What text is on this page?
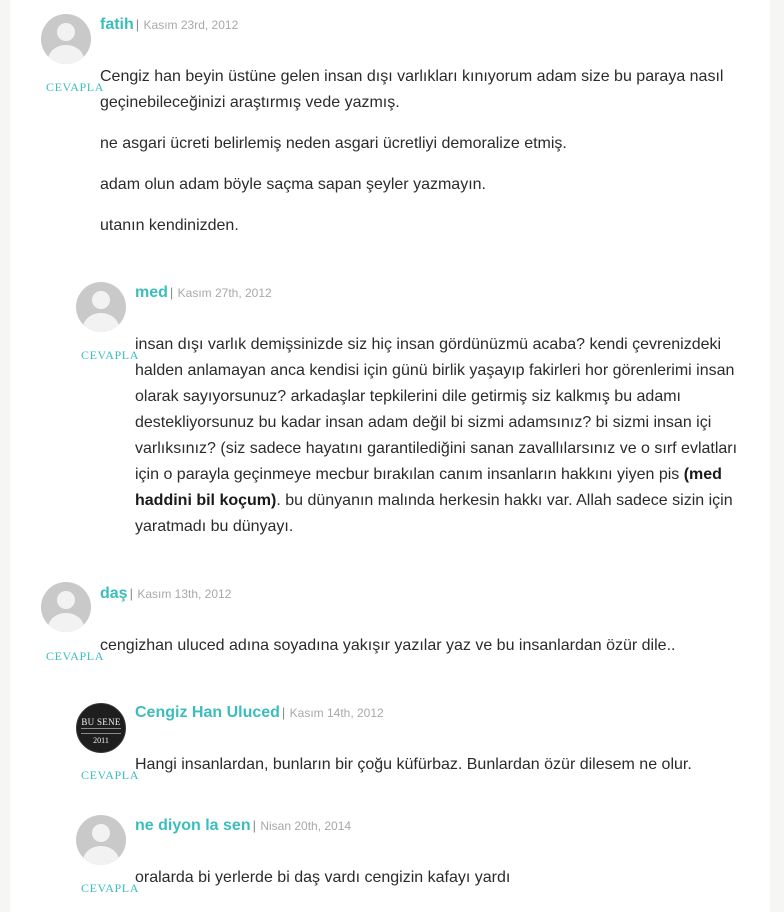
fatih | Kasım 23rd, 2012
CEVAPLA

Cengiz han beyin üstüne gelen insan dışı varlıkları kınıyorum adam size bu paraya nasıl geçinebileceğinizi araştırmış vede yazmış.

ne asgari ücreti belirlemiş neden asgari ücretliyi demoralize etmiş.

adam olun adam böyle saçma sapan şeyler yazmayın.

utanın kendinizden.

med | Kasım 27th, 2012
CEVAPLA

insan dışı varlık demişsinizde siz hiç insan gördünüzmü acaba? kendi çevrenizdeki halden anlamayan anca kendisi için günü birlik yaşayıp fakirleri hor görenlerimi insan olarak sayıyorsunuz? arkadaşlar tepkilerini dile getirmiş siz kalkmış bu adamı destekliyorsunuz bu kadar insan adam değil bi sizmi adamsınız? bi sizmi insan içi varlıksınız? (siz sadece hayatını garantilediğini sanan zavallılarsınız ve o sırf evlatları için o parayla geçinmeye mecbur bırakılan canım insanların hakkını yiyen pis (med haddini bil koçum). bu dünyanın malında herkesin hakkı var. Allah sadece sizin için yaratmadı bu dünyayı.

daş | Kasım 13th, 2012
CEVAPLA

cengizhan uluced adına soyadına yakışır yazılar yaz ve bu insanlardan özür dile..

BU SENE
2011
Cengiz Han Uluced | Kasım 14th, 2012
CEVAPLA

Hangi insanlardan, bunların bir çoğu küfürbaz. Bunlardan özür dilesem ne olur.

ne diyon la sen | Nisan 20th, 2014
CEVAPLA

oralarda bi yerlerde bi daş vardı cengizin kafayı yardı
